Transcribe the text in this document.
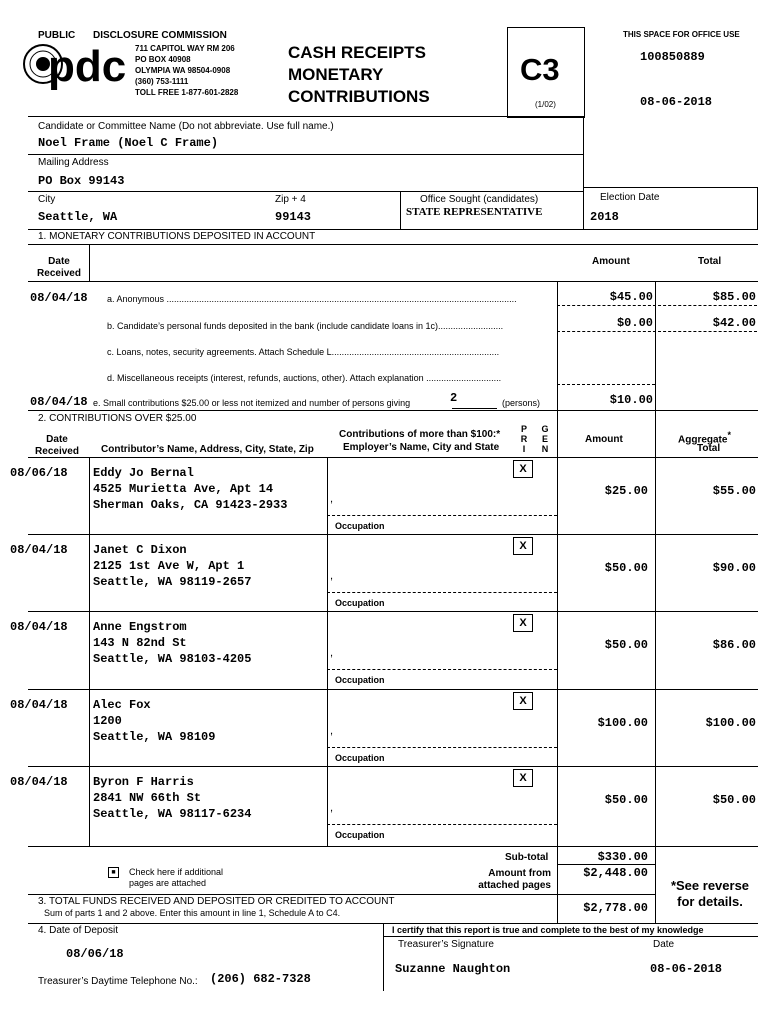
PUBLIC DISCLOSURE COMMISSION
pdc 711 CAPITOL WAY RM 206
PO BOX 40908
OLYMPIA WA 98504-0908
(360) 753-1111
TOLL FREE 1-877-601-2828
CASH RECEIPTS
MONETARY
CONTRIBUTIONS
C3
(1/02)
THIS SPACE FOR OFFICE USE
100850889
08-06-2018
Candidate or Committee Name (Do not abbreviate. Use full name.)
Noel Frame (Noel C Frame)
Mailing Address
PO Box 99143
City
Seattle, WA
Zip + 4
99143
Office Sought (candidates)
STATE REPRESENTATIVE
Election Date
2018
1. MONETARY CONTRIBUTIONS DEPOSITED IN ACCOUNT
Date Received
Amount	Total
08/04/18 a. Anonymous ............................................................................................................................................	$45.00	$85.00
b. Candidate’s personal funds deposited in the bank (include candidate loans in 1c)..........................	$0.00	$42.00
c. Loans, notes, security agreements. Attach Schedule L...................................................................
d. Miscellaneous receipts (interest, refunds, auctions, other). Attach explanation ..............................
08/04/18 e. Small contributions $25.00 or less not itemized and number of persons giving	2	(persons)	$10.00
2. CONTRIBUTIONS OVER $25.00
Date Received	Contributor’s Name, Address, City, State, Zip
Contributions of more than $100:*
Employer’s Name, City and State
P R I
G E N
Amount	Aggregate*
Total
08/06/18 Eddy Jo Bernal
4525 Murietta Ave, Apt 14
Sherman Oaks, CA 91423-2933
X
,
Occupation
$25.00	$55.00
08/04/18 Janet C Dixon
2125 1st Ave W, Apt 1
Seattle, WA 98119-2657
X
,
Occupation
$50.00	$90.00
08/04/18 Anne Engstrom
143 N 82nd St
Seattle, WA 98103-4205
X
,
Occupation
$50.00	$86.00
08/04/18 Alec Fox
1200
Seattle, WA 98109
X
,
Occupation
$100.00	$100.00
08/04/18 Byron F Harris
2841 NW 66th St
Seattle, WA 98117-6234
X
,
Occupation
$50.00	$50.00
■	Check here if additional
pages are attached
Sub-total	$330.00
Amount from
attached pages
$2,448.00
*See reverse
for details.
3. TOTAL FUNDS RECEIVED AND DEPOSITED OR CREDITED TO ACCOUNT
Sum of parts 1 and 2 above. Enter this amount in line 1, Schedule A to C4.	$2,778.00
4. Date of Deposit
08/06/18
Treasurer’s Daytime Telephone No.: (206) 682-7328
I certify that this report is true and complete to the best of my knowledge
Treasurer’s Signature	Date
Suzanne Naughton	08-06-2018
